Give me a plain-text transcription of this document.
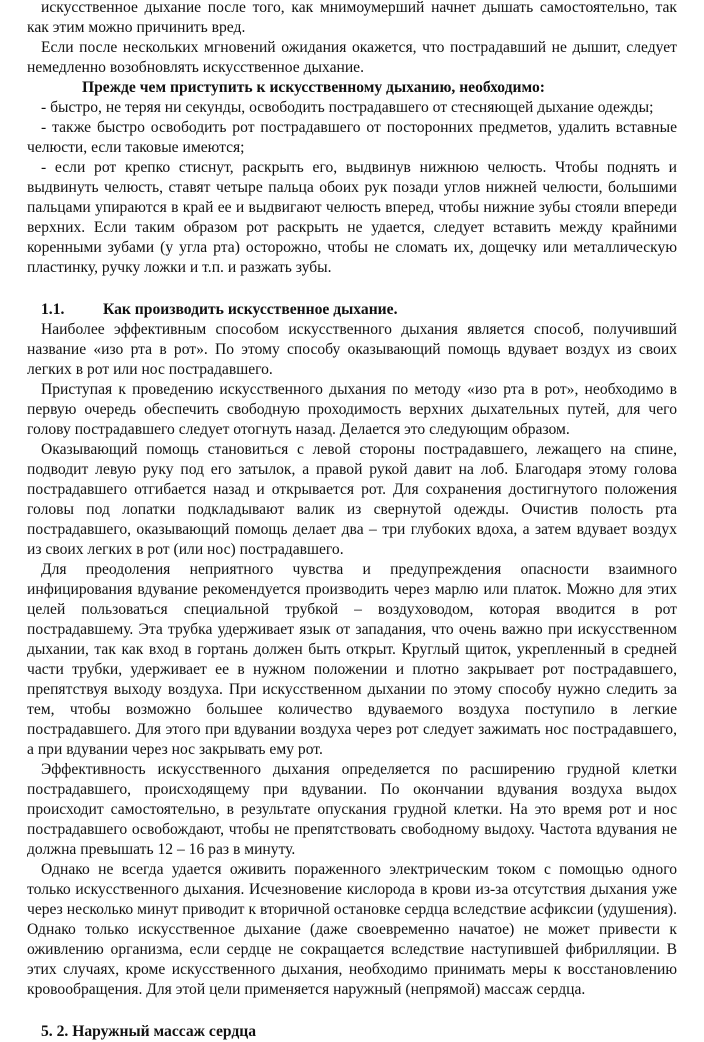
искусственное дыхание после того, как мнимоумерший начнет дышать самостоятельно, так как этим можно причинить вред.

Если после нескольких мгновений ожидания окажется, что пострадавший не дышит, следует немедленно возобновлять искусственное дыхание.

Прежде чем приступить к искусственному дыханию, необходимо:

- быстро, не теряя ни секунды, освободить пострадавшего от стесняющей дыхание одежды;

- также быстро освободить рот пострадавшего от посторонних предметов, удалить вставные челюсти, если таковые имеются;

- если рот крепко стиснут, раскрыть его, выдвинув нижнюю челюсть. Чтобы поднять и выдвинуть челюсть, ставят четыре пальца обоих рук позади углов нижней челюсти, большими пальцами упираются в край ее и выдвигают челюсть вперед, чтобы нижние зубы стояли впереди верхних. Если таким образом рот раскрыть не удается, следует вставить между крайними коренными зубами (у угла рта) осторожно, чтобы не сломать их, дощечку или металлическую пластинку, ручку ложки и т.п. и разжать зубы.

1.1. Как производить искусственное дыхание.

Наиболее эффективным способом искусственного дыхания является способ, получивший название «изо рта в рот». По этому способу оказывающий помощь вдувает воздух из своих легких в рот или нос пострадавшего.

Приступая к проведению искусственного дыхания по методу «изо рта в рот», необходимо в первую очередь обеспечить свободную проходимость верхних дыхательных путей, для чего голову пострадавшего следует отогнуть назад. Делается это следующим образом.

Оказывающий помощь становиться с левой стороны пострадавшего, лежащего на спине, подводит левую руку под его затылок, а правой рукой давит на лоб. Благодаря этому голова пострадавшего отгибается назад и открывается рот. Для сохранения достигнутого положения головы под лопатки подкладывают валик из свернутой одежды. Очистив полость рта пострадавшего, оказывающий помощь делает два – три глубоких вдоха, а затем вдувает воздух из своих легких в рот (или нос) пострадавшего.

Для преодоления неприятного чувства и предупреждения опасности взаимного инфицирования вдувание рекомендуется производить через марлю или платок. Можно для этих целей пользоваться специальной трубкой – воздуховодом, которая вводится в рот пострадавшему. Эта трубка удерживает язык от западания, что очень важно при искусственном дыхании, так как вход в гортань должен быть открыт. Круглый щиток, укрепленный в средней части трубки, удерживает ее в нужном положении и плотно закрывает рот пострадавшего, препятствуя выходу воздуха. При искусственном дыхании по этому способу нужно следить за тем, чтобы возможно большее количество вдуваемого воздуха поступило в легкие пострадавшего. Для этого при вдувании воздуха через рот следует зажимать нос пострадавшего, а при вдувании через нос закрывать ему рот.

Эффективность искусственного дыхания определяется по расширению грудной клетки пострадавшего, происходящему при вдувании. По окончании вдувания воздуха выдох происходит самостоятельно, в результате опускания грудной клетки. На это время рот и нос пострадавшего освобождают, чтобы не препятствовать свободному выдоху. Частота вдувания не должна превышать 12 – 16 раз в минуту.

Однако не всегда удается оживить пораженного электрическим током с помощью одного только искусственного дыхания. Исчезновение кислорода в крови из-за отсутствия дыхания уже через несколько минут приводит к вторичной остановке сердца вследствие асфиксии (удушения). Однако только искусственное дыхание (даже своевременно начатое) не может привести к оживлению организма, если сердце не сокращается вследствие наступившей фибрилляции. В этих случаях, кроме искусственного дыхания, необходимо принимать меры к восстановлению кровообращения. Для этой цели применяется наружный (непрямой) массаж сердца.

5. 2. Наружный массаж сердца
